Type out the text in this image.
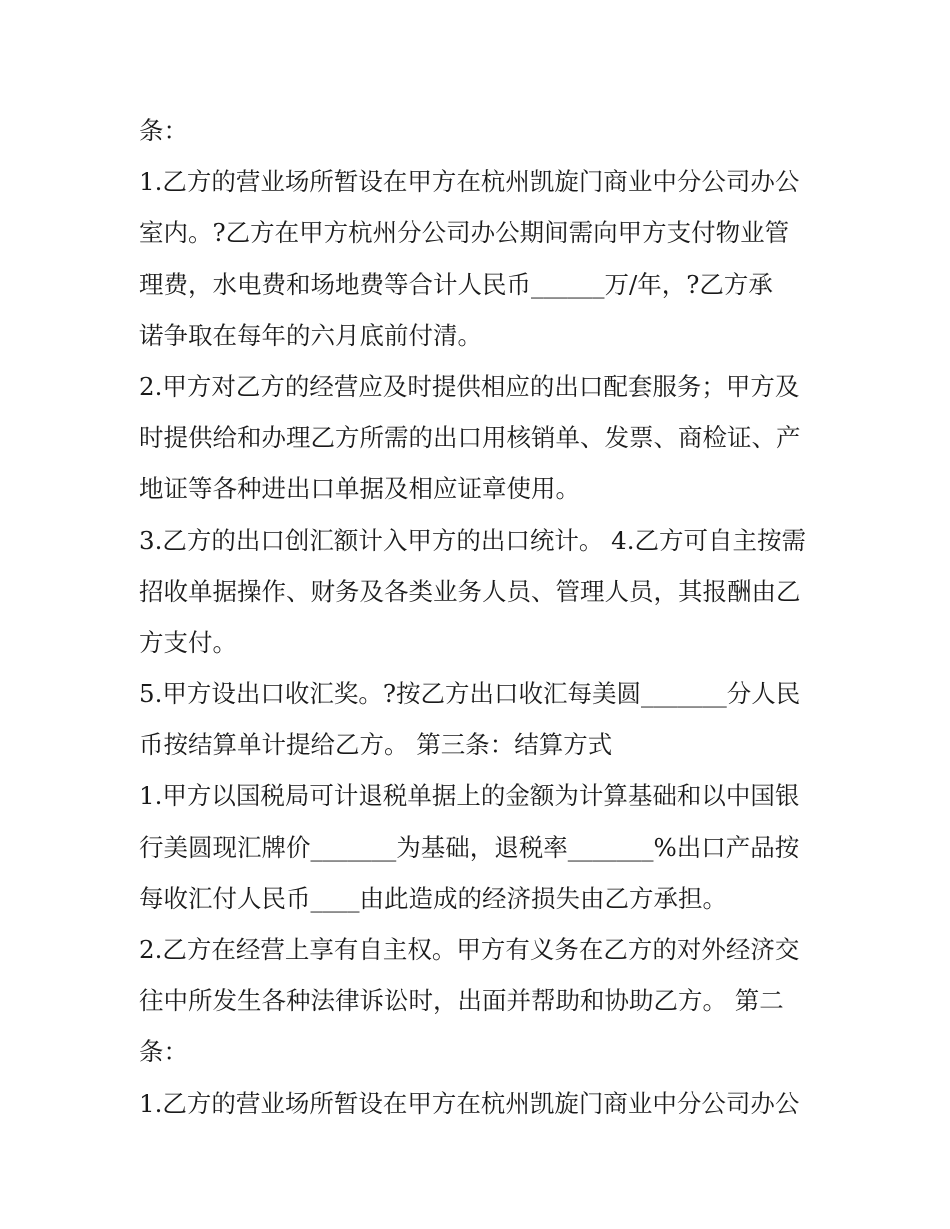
条：
1.乙方的营业场所暂设在甲方在杭州凯旋门商业中分公司办公
室内。?乙方在甲方杭州分公司办公期间需向甲方支付物业管
理费，水电费和场地费等合计人民币______万/年，?乙方承
诺争取在每年的六月底前付清。
2.甲方对乙方的经营应及时提供相应的出口配套服务；甲方及
时提供给和办理乙方所需的出口用核销单、发票、商检证、产
地证等各种进出口单据及相应证章使用。
3.乙方的出口创汇额计入甲方的出口统计。 4.乙方可自主按需
招收单据操作、财务及各类业务人员、管理人员，其报酬由乙
方支付。
5.甲方设出口收汇奖。?按乙方出口收汇每美圆_______分人民
币按结算单计提给乙方。 第三条：结算方式
1.甲方以国税局可计退税单据上的金额为计算基础和以中国银
行美圆现汇牌价_______为基础，退税率_______%出口产品按
每收汇付人民币____由此造成的经济损失由乙方承担。
2.乙方在经营上享有自主权。甲方有义务在乙方的对外经济交
往中所发生各种法律诉讼时，出面并帮助和协助乙方。 第二
条：
1.乙方的营业场所暂设在甲方在杭州凯旋门商业中分公司办公
